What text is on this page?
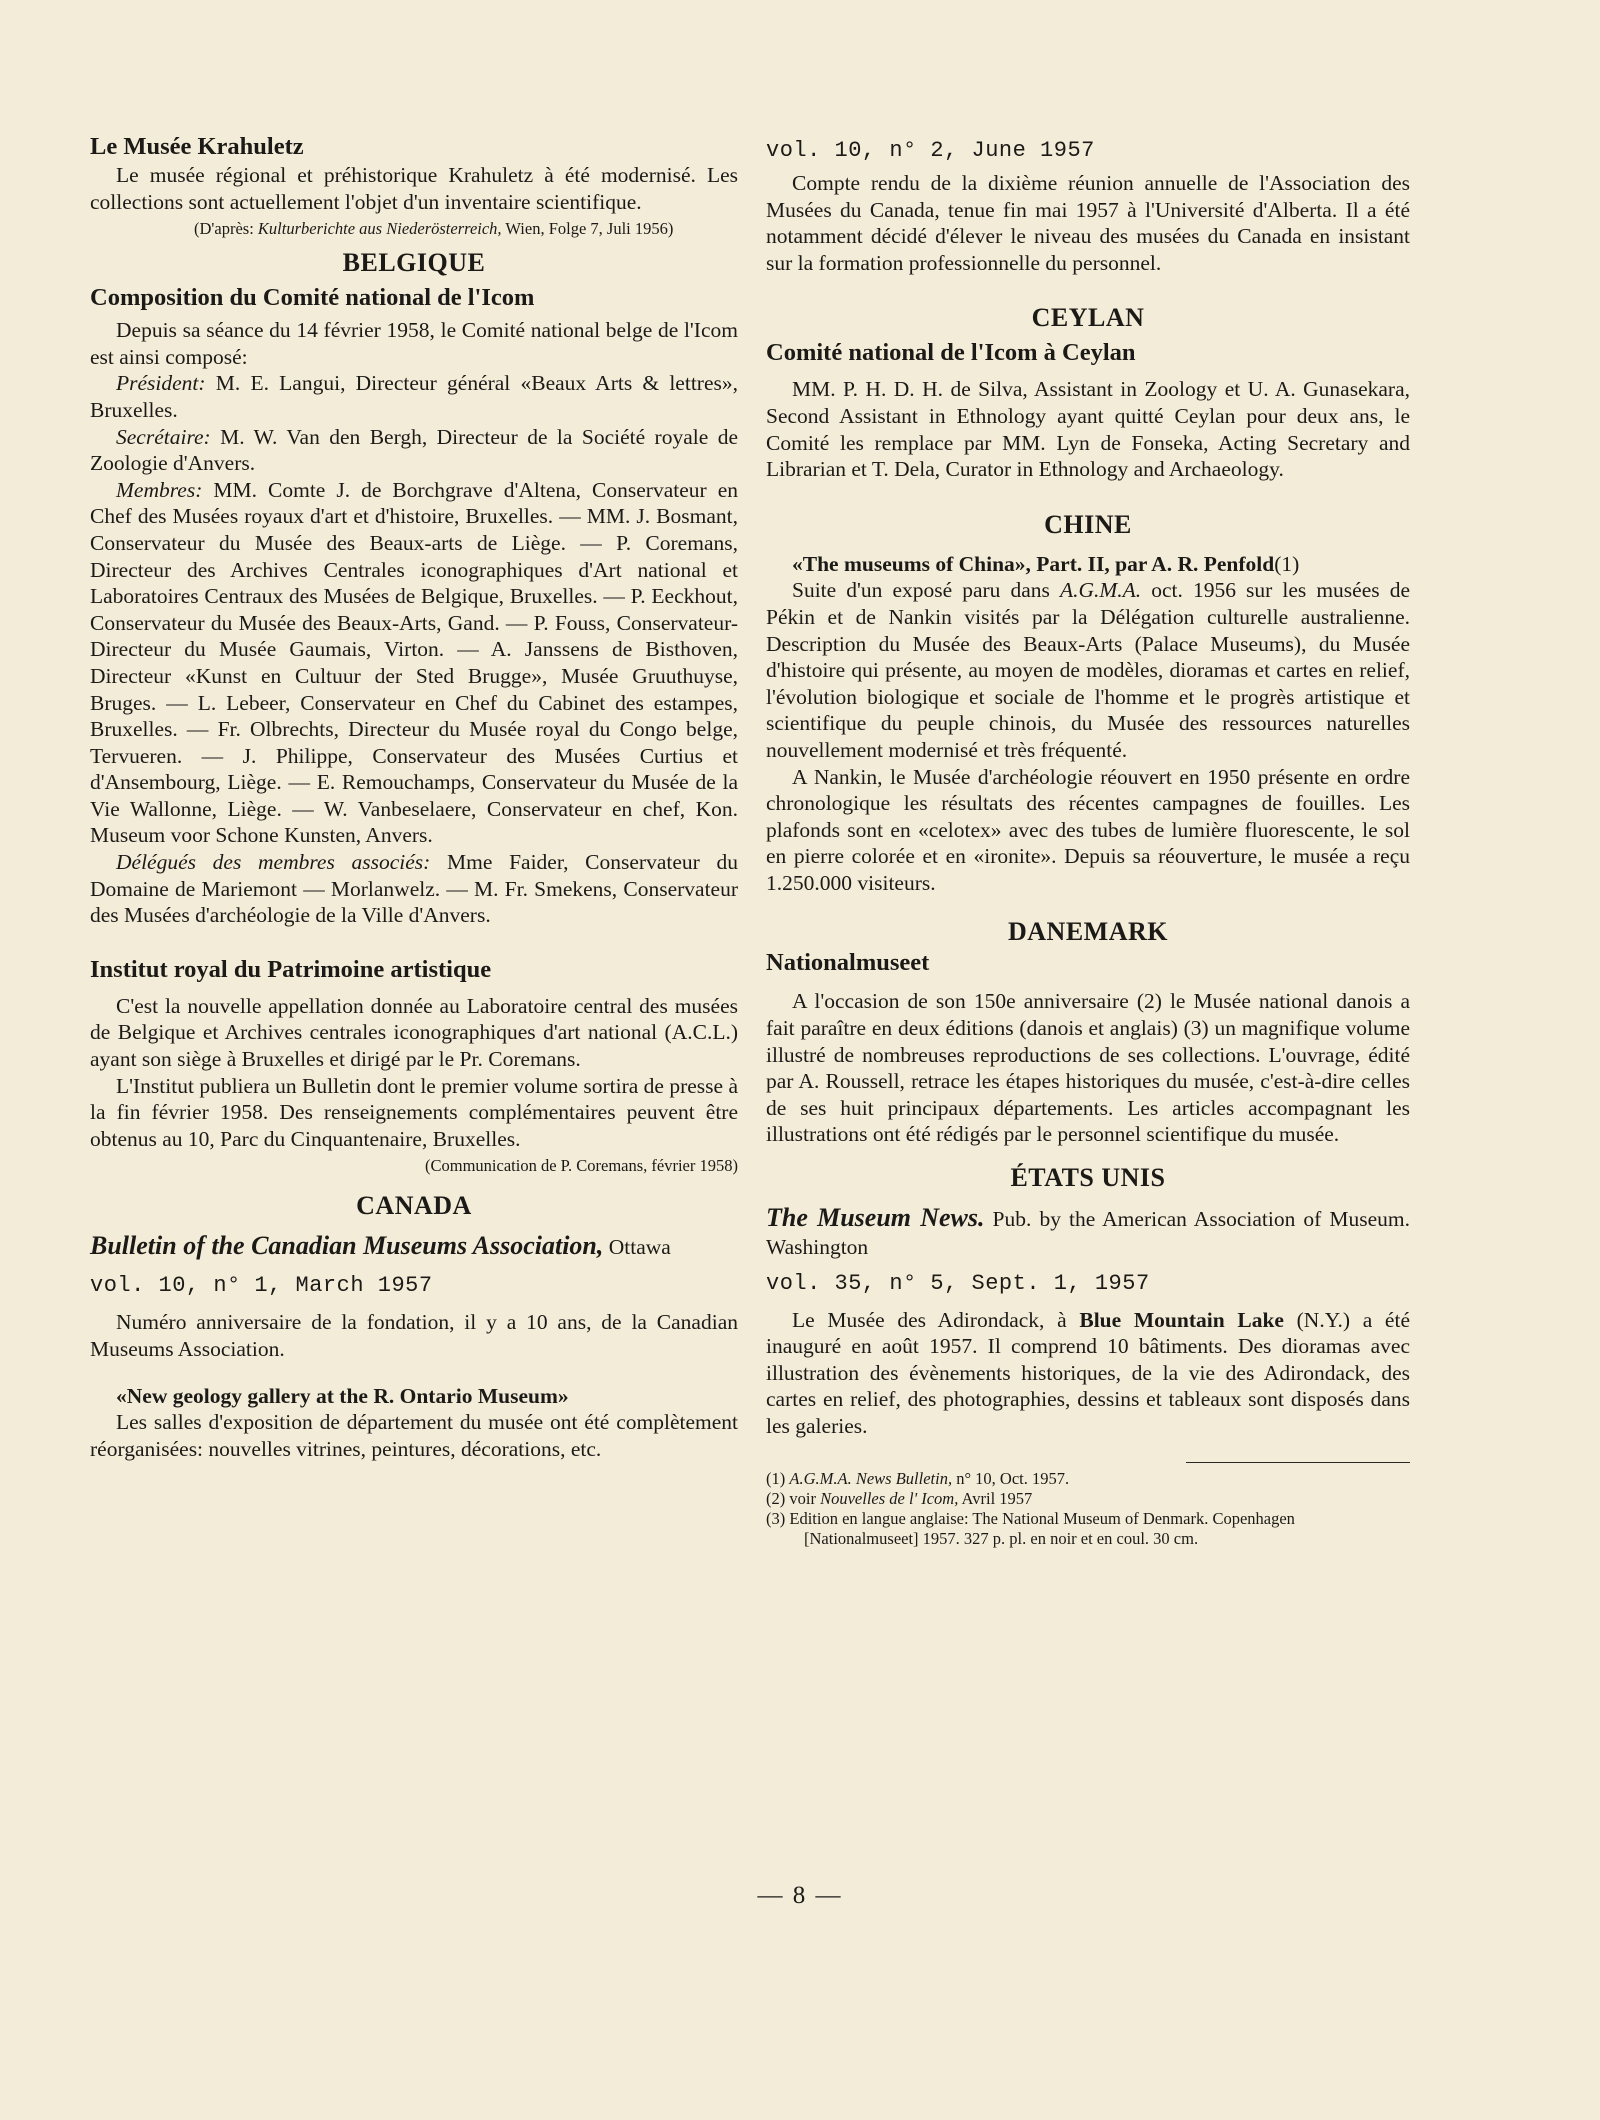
Le Musée Krahuletz

Le musée régional et préhistorique Krahuletz à été modernisé. Les collections sont actuellement l'objet d'un inventaire scientifique.

(D'après: Kulturberichte aus Niederösterreich, Wien, Folge 7, Juli 1956)
BELGIQUE
Composition du Comité national de l'Icom

Depuis sa séance du 14 février 1958, le Comité national belge de l'Icom est ainsi composé:

Président: M. E. Langui, Directeur général «Beaux Arts & lettres», Bruxelles.

Secrétaire: M. W. Van den Bergh, Directeur de la Société royale de Zoologie d'Anvers.

Membres: MM. Comte J. de Borchgrave d'Altena, Conservateur en Chef des Musées royaux d'art et d'histoire, Bruxelles. — MM. J. Bosmant, Conservateur du Musée des Beaux-arts de Liège. — P. Coremans, Directeur des Archives Centrales iconographiques d'Art national et Laboratoires Centraux des Musées de Belgique, Bruxelles. — P. Eeckhout, Conservateur du Musée des Beaux-Arts, Gand. — P. Fouss, Conservateur-Directeur du Musée Gaumais, Virton. — A. Janssens de Bisthoven, Directeur «Kunst en Cultuur der Sted Brugge», Musée Gruuthuyse, Bruges. — L. Lebeer, Conservateur en Chef du Cabinet des estampes, Bruxelles. — Fr. Olbrechts, Directeur du Musée royal du Congo belge, Tervueren. — J. Philippe, Conservateur des Musées Curtius et d'Ansembourg, Liège. — E. Remouchamps, Conservateur du Musée de la Vie Wallonne, Liège. — W. Vanbeselaere, Conservateur en chef, Kon. Museum voor Schone Kunsten, Anvers.

Délégués des membres associés: Mme Faider, Conservateur du Domaine de Mariemont — Morlanwelz. — M. Fr. Smekens, Conservateur des Musées d'archéologie de la Ville d'Anvers.

Institut royal du Patrimoine artistique

C'est la nouvelle appellation donnée au Laboratoire central des musées de Belgique et Archives centrales iconographiques d'art national (A.C.L.) ayant son siège à Bruxelles et dirigé par le Pr. Coremans.

L'Institut publiera un Bulletin dont le premier volume sortira de presse à la fin février 1958. Des renseignements complémentaires peuvent être obtenus au 10, Parc du Cinquantenaire, Bruxelles.

(Communication de P. Coremans, février 1958)
CANADA
Bulletin of the Canadian Museums Association, Ottawa
vol. 10, n° 1, March 1957

Numéro anniversaire de la fondation, il y a 10 ans, de la Canadian Museums Association.

«New geology gallery at the R. Ontario Museum»

Les salles d'exposition de département du musée ont été complètement réorganisées: nouvelles vitrines, peintures, décorations, etc.

vol. 10, n° 2, June 1957

Compte rendu de la dixième réunion annuelle de l'Association des Musées du Canada, tenue fin mai 1957 à l'Université d'Alberta. Il a été notamment décidé d'élever le niveau des musées du Canada en insistant sur la formation professionnelle du personnel.

CEYLAN
Comité national de l'Icom à Ceylan

MM. P. H. D. H. de Silva, Assistant in Zoology et U. A. Gunasekara, Second Assistant in Ethnology ayant quitté Ceylan pour deux ans, le Comité les remplace par MM. Lyn de Fonseka, Acting Secretary and Librarian et T. Dela, Curator in Ethnology and Archaeology.

CHINE

«The museums of China», Part. II, par A. R. Penfold(1)

Suite d'un exposé paru dans A.G.M.A. oct. 1956 sur les musées de Pékin et de Nankin visités par la Délégation culturelle australienne. Description du Musée des Beaux-Arts (Palace Museums), du Musée d'histoire qui présente, au moyen de modèles, dioramas et cartes en relief, l'évolution biologique et sociale de l'homme et le progrès artistique et scientifique du peuple chinois, du Musée des ressources naturelles nouvellement modernisé et très fréquenté.

A Nankin, le Musée d'archéologie réouvert en 1950 présente en ordre chronologique les résultats des récentes campagnes de fouilles. Les plafonds sont en «celotex» avec des tubes de lumière fluorescente, le sol en pierre colorée et en «ironite». Depuis sa réouverture, le musée a reçu 1.250.000 visiteurs.

DANEMARK
Nationalmuseet

A l'occasion de son 150e anniversaire (2) le Musée national danois a fait paraître en deux éditions (danois et anglais) (3) un magnifique volume illustré de nombreuses reproductions de ses collections. L'ouvrage, édité par A. Roussell, retrace les étapes historiques du musée, c'est-à-dire celles de ses huit principaux départements. Les articles accompagnant les illustrations ont été rédigés par le personnel scientifique du musée.

ÉTATS UNIS

The Museum News. Pub. by the American Association of Museum. Washington

vol. 35, n° 5, Sept. 1, 1957

Le Musée des Adirondack, à Blue Mountain Lake (N.Y.) a été inauguré en août 1957. Il comprend 10 bâtiments. Des dioramas avec illustration des évènements historiques, de la vie des Adirondack, des cartes en relief, des photographies, dessins et tableaux sont disposés dans les galeries.

(1) A.G.M.A. News Bulletin, n° 10, Oct. 1957.
(2) voir Nouvelles de l' Icom, Avril 1957
(3) Edition en langue anglaise: The National Museum of Denmark. Copenhagen [Nationalmuseet] 1957. 327 p. pl. en noir et en coul. 30 cm.
— 8 —
